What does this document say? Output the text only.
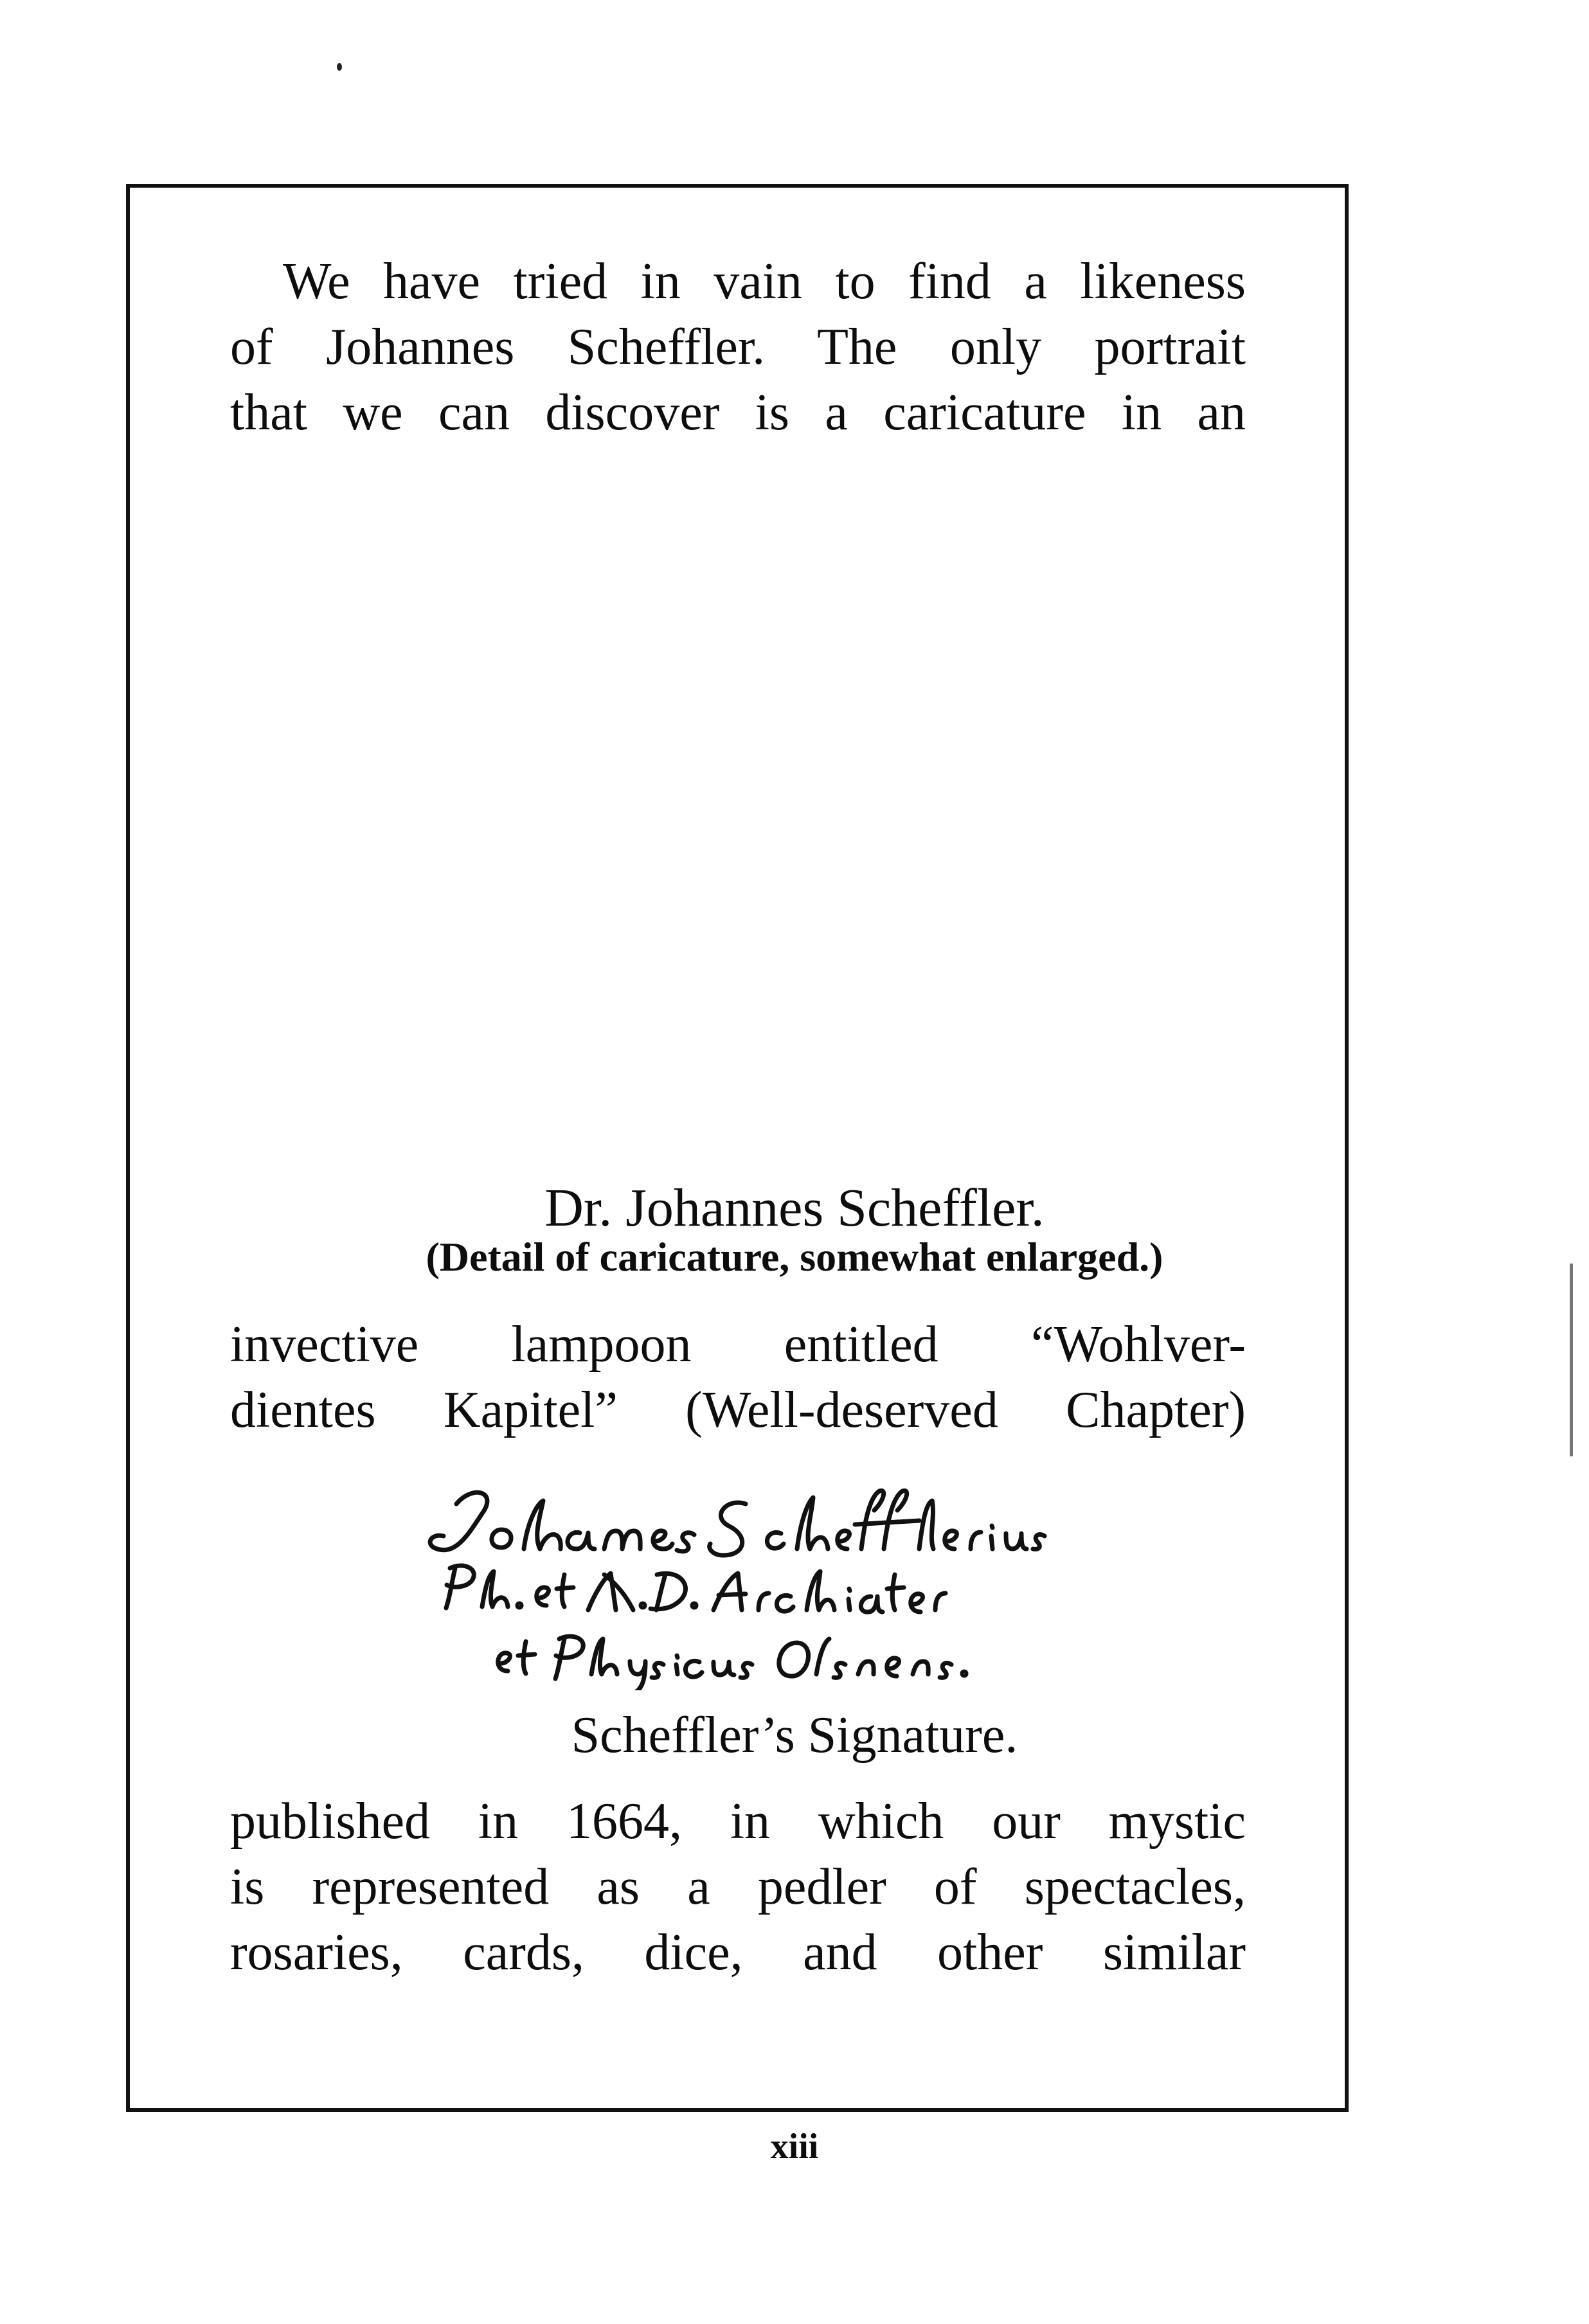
We have tried in vain to find a likeness
of Johannes Scheffler. The only portrait
that we can discover is a caricature in an
Dr. Johannes Scheffler.
(Detail of caricature, somewhat enlarged.)
invective lampoon entitled “Wohlver-
dientes Kapitel” (Well-deserved Chapter)
Scheffler’s Signature.
published in 1664, in which our mystic
is represented as a pedler of spectacles,
rosaries, cards, dice, and other similar
xiii
